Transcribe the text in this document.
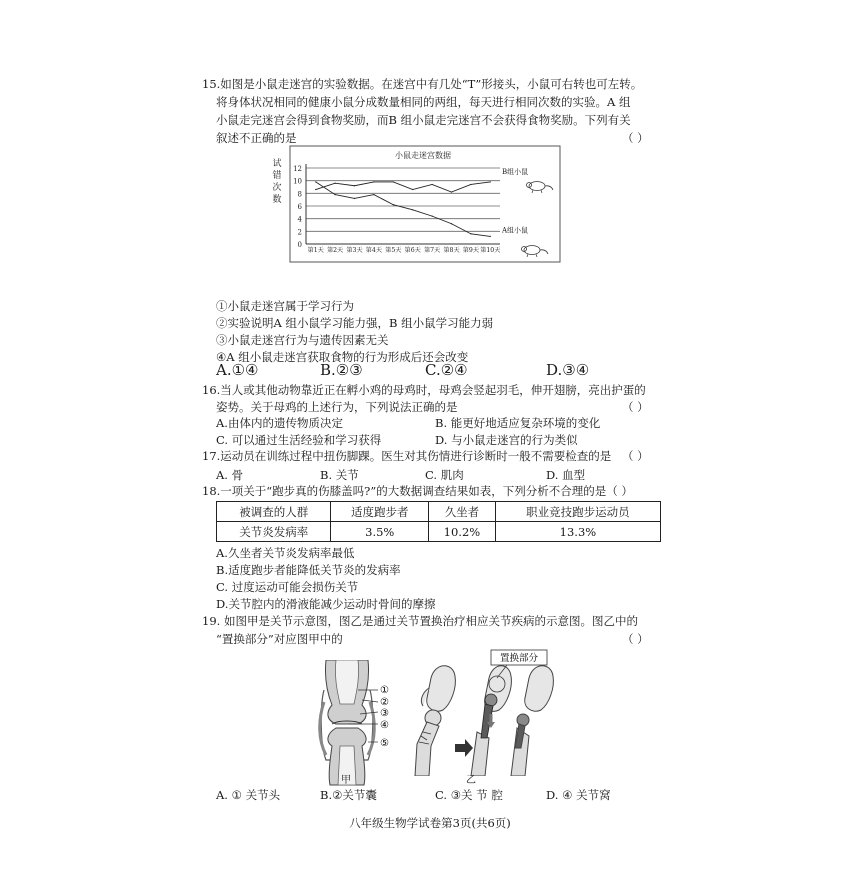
15.如图是小鼠走迷宫的实验数据。在迷宫中有几处“T”形接头，小鼠可右转也可左转。
将身体状况相同的健康小鼠分成数量相同的两组，每天进行相同次数的实验。A 组
小鼠走完迷宫会得到食物奖励，而B 组小鼠走完迷宫不会获得食物奖励。下列有关
叙述不正确的是	（ ）
小鼠走迷宫数据
试
错
次
数
0
2
4
6
8
10
12
第1天 第2天 第3天 第4天 第5天 第6天 第7天 第8天 第9天 第10天
B组小鼠
A组小鼠
①小鼠走迷宫属于学习行为
②实验说明A 组小鼠学习能力强，B 组小鼠学习能力弱
③小鼠走迷宫行为与遗传因素无关
④A 组小鼠走迷宫获取食物的行为形成后还会改变
A.①④	B.②③	C.②④	D.③④
16.当人或其他动物靠近正在孵小鸡的母鸡时，母鸡会竖起羽毛，伸开翅膀，亮出护蛋的
姿势。关于母鸡的上述行为，下列说法正确的是	（ ）
A.由体内的遗传物质决定	B. 能更好地适应复杂环境的变化
C. 可以通过生活经验和学习获得	D. 与小鼠走迷宫的行为类似
17.运动员在训练过程中扭伤脚踝。医生对其伤情进行诊断时一般不需要检查的是 （ ）
A. 骨	B. 关节	C. 肌肉	D. 血型
18.一项关于“跑步真的伤膝盖吗?”的大数据调查结果如表，下列分析不合理的是（ ）
被调查的人群	适度跑步者	久坐者	职业竞技跑步运动员
关节炎发病率	3.5%	10.2%	13.3%
A.久坐者关节炎发病率最低
B.适度跑步者能降低关节炎的发病率
C. 过度运动可能会损伤关节
D.关节腔内的滑液能减少运动时骨间的摩擦
19. 如图甲是关节示意图，图乙是通过关节置换治疗相应关节疾病的示意图。图乙中的
“置换部分”对应图甲中的	（ ）
①
②
③
④
⑤
甲
置换部分
乙
A. ① 关节头	B.②关节囊	C. ③关 节 腔	D. ④ 关节窝
八年级生物学试卷第3页(共6页)
